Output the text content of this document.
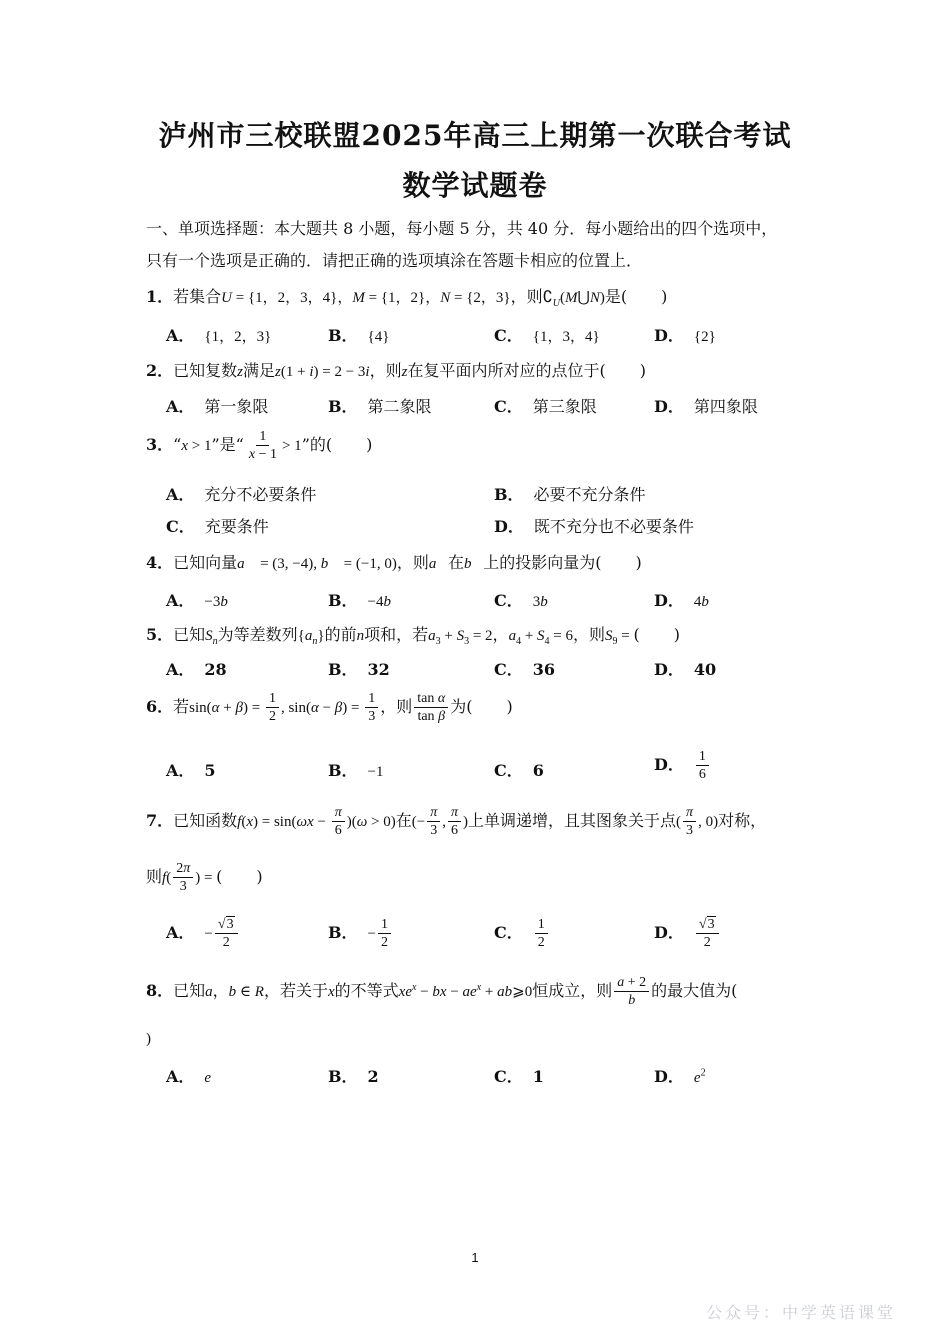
泸州市三校联盟2025年高三上期第一次联合考试
数学试题卷
一、单项选择题：本大题共 8 小题，每小题 5 分，共 40 分．每小题给出的四个选项中，
只有一个选项是正确的．请把正确的选项填涂在答题卡相应的位置上．
1．若集合U = {1，2，3，4}，M = {1，2}，N = {2，3}，则$∁_U(M⋃N)$是( )
A． {1，2，3}	B． {4}	C． {1，3，4}	D． {2}
2．已知复数z满足z(1 + i) = 2 − 3i，则z在复平面内所对应的点位于( )
A． 第一象限	B． 第二象限	C． 第三象限	D． 第四象限
3．“x > 1”是“ $\frac{1}{x - 1} > 1$”的( )
A． 充分不必要条件	B． 必要不充分条件
C． 充要条件	D． 既不充分也不必要条件
4．已知向量a⃗ = (3, −4), b⃗ = (−1, 0)，则a⃗在b⃗上的投影向量为( )
A． −3b⃗	B． −4b⃗	C． 3b⃗	D． 4b⃗
5．已知$S_n$为等差数列$\{a_n\}$的前n项和，若$a_3 + S_3 = 2$，$a_4 + S_4 = 6$，则$S_9$ = ( )
A． 28	B． 32	C． 36	D． 40
6．若$\sin(\alpha + \beta) = \frac{1}{2}$ , $\sin(\alpha - \beta) = \frac{1}{3}$ ，则 $\frac{\text{tan α}}{\text{tan β}}$ 为( )
A． 5	B． −1	C． 6	D． $\frac{1}{6}$
7．已知函数$f(x) = \sin(\omega x - \frac{\pi}{6} )(\omega > 0)$在(− $\frac{\pi}{3}$ , $\frac{\pi}{6}$ )上单调递增，且其图象关于点( $\frac{\pi}{3}$ , 0)对称，
则$f( \frac{2\pi}{3}$ ) = ( )
A． − $\frac{√3}{2}$	B． − $\frac{1}{2}$	C． $\frac{1}{2}$	D． $\frac{√3}{2}$
8．已知a，b ∈ R，若关于x的不等式$xe^x$ − bx − $ae^x$ + ab⩾0恒成立，则 $\frac{a + 2}{b}$ 的最大值为(
)
A． e	B． 2	C． 1	D． $e^2$
1
公众号：中学英语课堂
